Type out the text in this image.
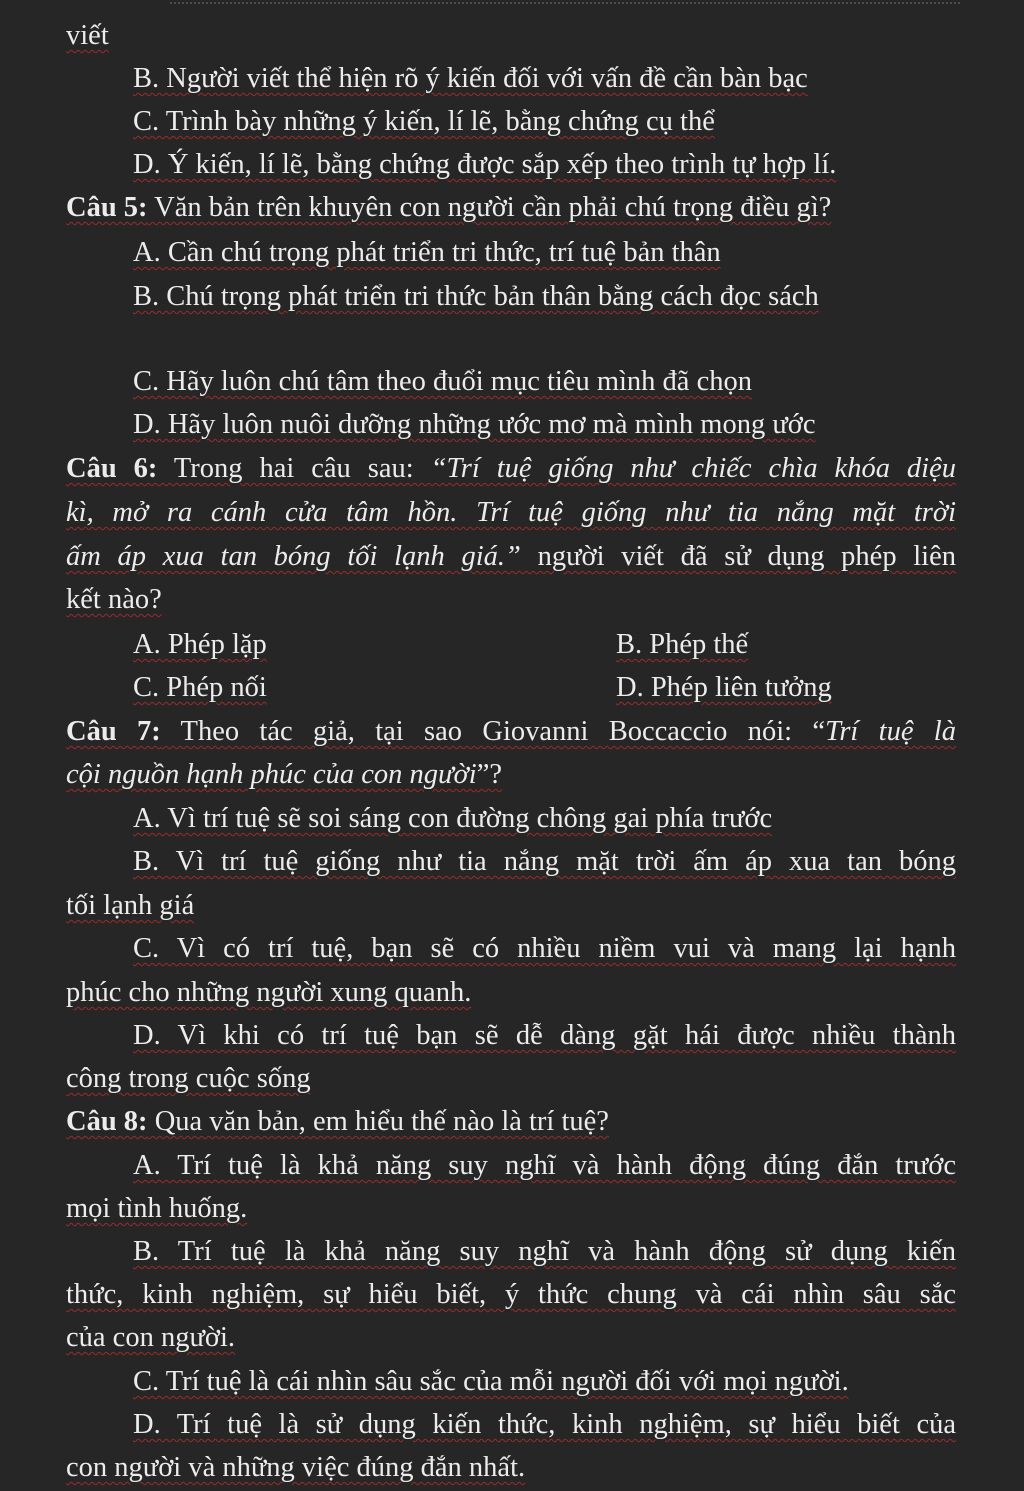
viết
B. Người viết thể hiện rõ ý kiến đối với vấn đề cần bàn bạc
C. Trình bày những ý kiến, lí lẽ, bằng chứng cụ thể
D. Ý kiến, lí lẽ, bằng chứng được sắp xếp theo trình tự hợp lí.
Câu 5: Văn bản trên khuyên con người cần phải chú trọng điều gì?
A. Cần chú trọng phát triển tri thức, trí tuệ bản thân
B. Chú trọng phát triển tri thức bản thân bằng cách đọc sách
C. Hãy luôn chú tâm theo đuổi mục tiêu mình đã chọn
D. Hãy luôn nuôi dưỡng những ước mơ mà mình mong ước
Câu 6: Trong hai câu sau: “Trí tuệ giống như chiếc chìa khóa diệu
kì, mở ra cánh cửa tâm hồn. Trí tuệ giống như tia nắng mặt trời
ấm áp xua tan bóng tối lạnh giá.” người viết đã sử dụng phép liên
kết nào?
A. Phép lặp	B. Phép thế
C. Phép nối	D. Phép liên tưởng
Câu 7: Theo tác giả, tại sao Giovanni Boccaccio nói: “Trí tuệ là
cội nguồn hạnh phúc của con người”?
A. Vì trí tuệ sẽ soi sáng con đường chông gai phía trước
B. Vì trí tuệ giống như tia nắng mặt trời ấm áp xua tan bóng
tối lạnh giá
C. Vì có trí tuệ, bạn sẽ có nhiều niềm vui và mang lại hạnh
phúc cho những người xung quanh.
D. Vì khi có trí tuệ bạn sẽ dễ dàng gặt hái được nhiều thành
công trong cuộc sống
Câu 8: Qua văn bản, em hiểu thế nào là trí tuệ?
A. Trí tuệ là khả năng suy nghĩ và hành động đúng đắn trước
mọi tình huống.
B. Trí tuệ là khả năng suy nghĩ và hành động sử dụng kiến
thức, kinh nghiệm, sự hiểu biết, ý thức chung và cái nhìn sâu sắc
của con người.
C. Trí tuệ là cái nhìn sâu sắc của mỗi người đối với mọi người.
D. Trí tuệ là sử dụng kiến thức, kinh nghiệm, sự hiểu biết của
con người và những việc đúng đắn nhất.
